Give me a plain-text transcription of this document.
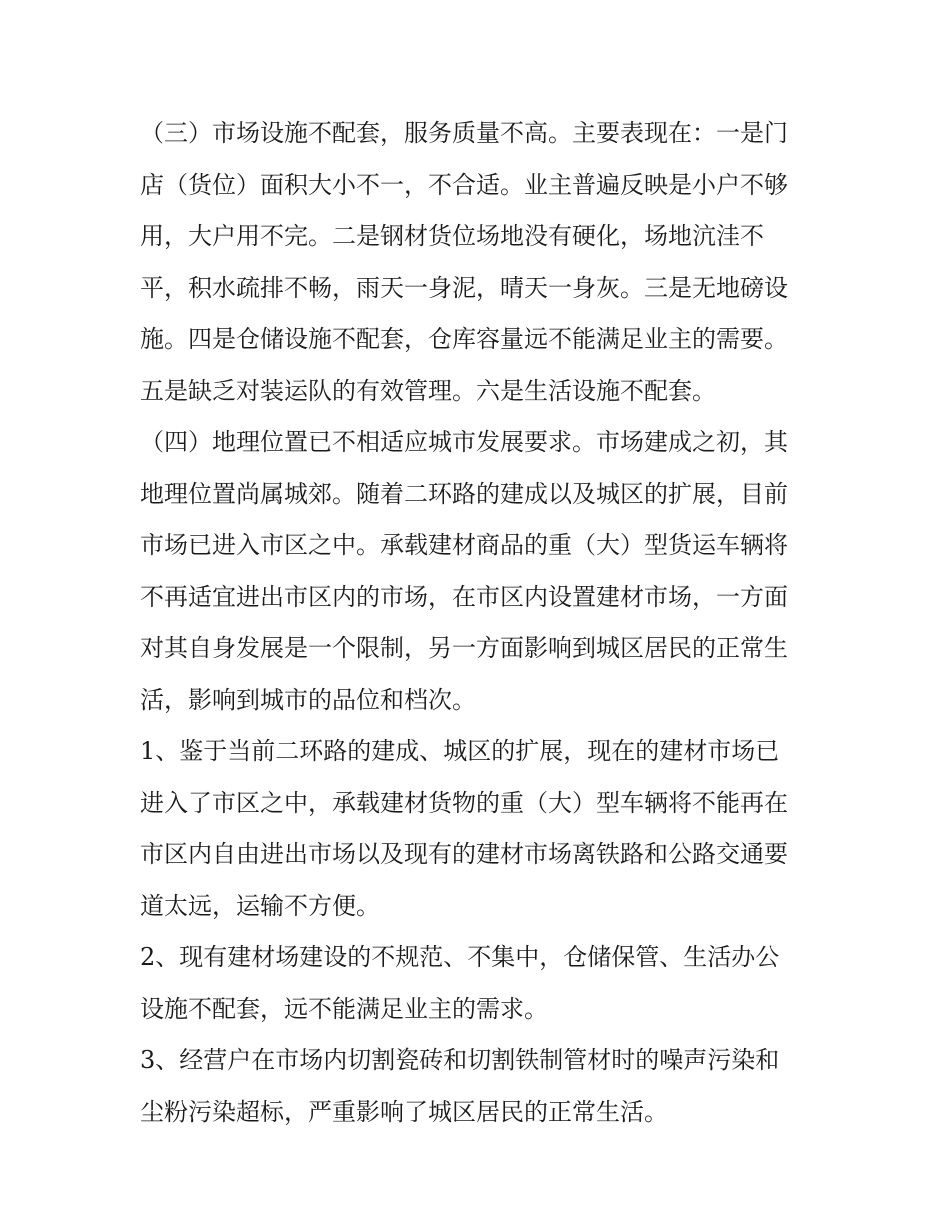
（三）市场设施不配套，服务质量不高。主要表现在：一是门
店（货位）面积大小不一，不合适。业主普遍反映是小户不够
用，大户用不完。二是钢材货位场地没有硬化，场地沆洼不
平，积水疏排不畅，雨天一身泥，晴天一身灰。三是无地磅设
施。四是仓储设施不配套，仓库容量远不能满足业主的需要。
五是缺乏对装运队的有效管理。六是生活设施不配套。
（四）地理位置已不相适应城市发展要求。市场建成之初，其
地理位置尚属城郊。随着二环路的建成以及城区的扩展，目前
市场已进入市区之中。承载建材商品的重（大）型货运车辆将
不再适宜进出市区内的市场，在市区内设置建材市场，一方面
对其自身发展是一个限制，另一方面影响到城区居民的正常生
活，影响到城市的品位和档次。
1、鉴于当前二环路的建成、城区的扩展，现在的建材市场已
进入了市区之中，承载建材货物的重（大）型车辆将不能再在
市区内自由进出市场以及现有的建材市场离铁路和公路交通要
道太远，运输不方便。
2、现有建材场建设的不规范、不集中，仓储保管、生活办公
设施不配套，远不能满足业主的需求。
3、经营户在市场内切割瓷砖和切割铁制管材时的噪声污染和
尘粉污染超标，严重影响了城区居民的正常生活。
